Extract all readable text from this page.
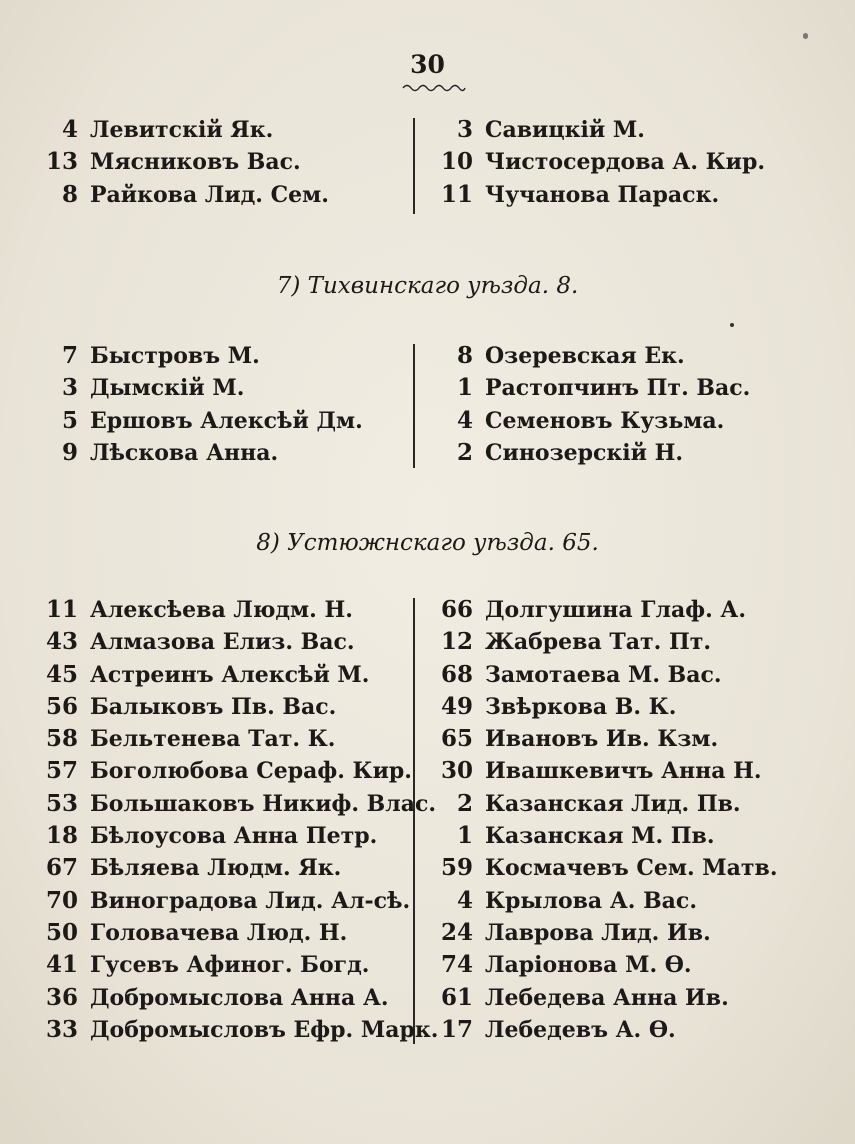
30
4 Левитскій Як.
13 Мясниковъ Вас.
8 Райкова Лид. Сем.
3 Савицкій М.
10 Чистосердова А. Кир.
11 Чучанова Параск.
7) Тихвинскаго уѣзда. 8.
7 Быстровъ М.
3 Дымскій М.
5 Ершовъ Алексѣй Дм.
9 Лѣскова Анна.
8 Озеревская Ек.
1 Растопчинъ Пт. Вас.
4 Семеновъ Кузьма.
2 Синозерскій Н.
8) Устюжнскаго уѣзда. 65.
11 Алексѣева Людм. Н.
43 Алмазова Елиз. Вас.
45 Астреинъ Алексѣй М.
56 Балыковъ Пв. Вас.
58 Бельтенева Тат. К.
57 Боголюбова Сераф. Кир.
53 Большаковъ Никиф. Влас.
18 Бѣлоусова Анна Петр.
67 Бѣляева Людм. Як.
70 Виноградова Лид. Ал-сѣ.
50 Головачева Люд. Н.
41 Гусевъ Афиног. Богд.
36 Добромыслова Анна А.
33 Добромысловъ Ефр. Марк.
66 Долгушина Глаф. А.
12 Жабрева Тат. Пт.
68 Замотаева М. Вас.
49 Звѣркова В. К.
65 Ивановъ Ив. Кзм.
30 Ивашкевичъ Анна Н.
2 Казанская Лид. Пв.
1 Казанская М. Пв.
59 Космачевъ Сем. Матв.
4 Крылова А. Вас.
24 Лаврова Лид. Ив.
74 Ларіонова М. Ѳ.
61 Лебедева Анна Ив.
17 Лебедевъ А. Ѳ.
